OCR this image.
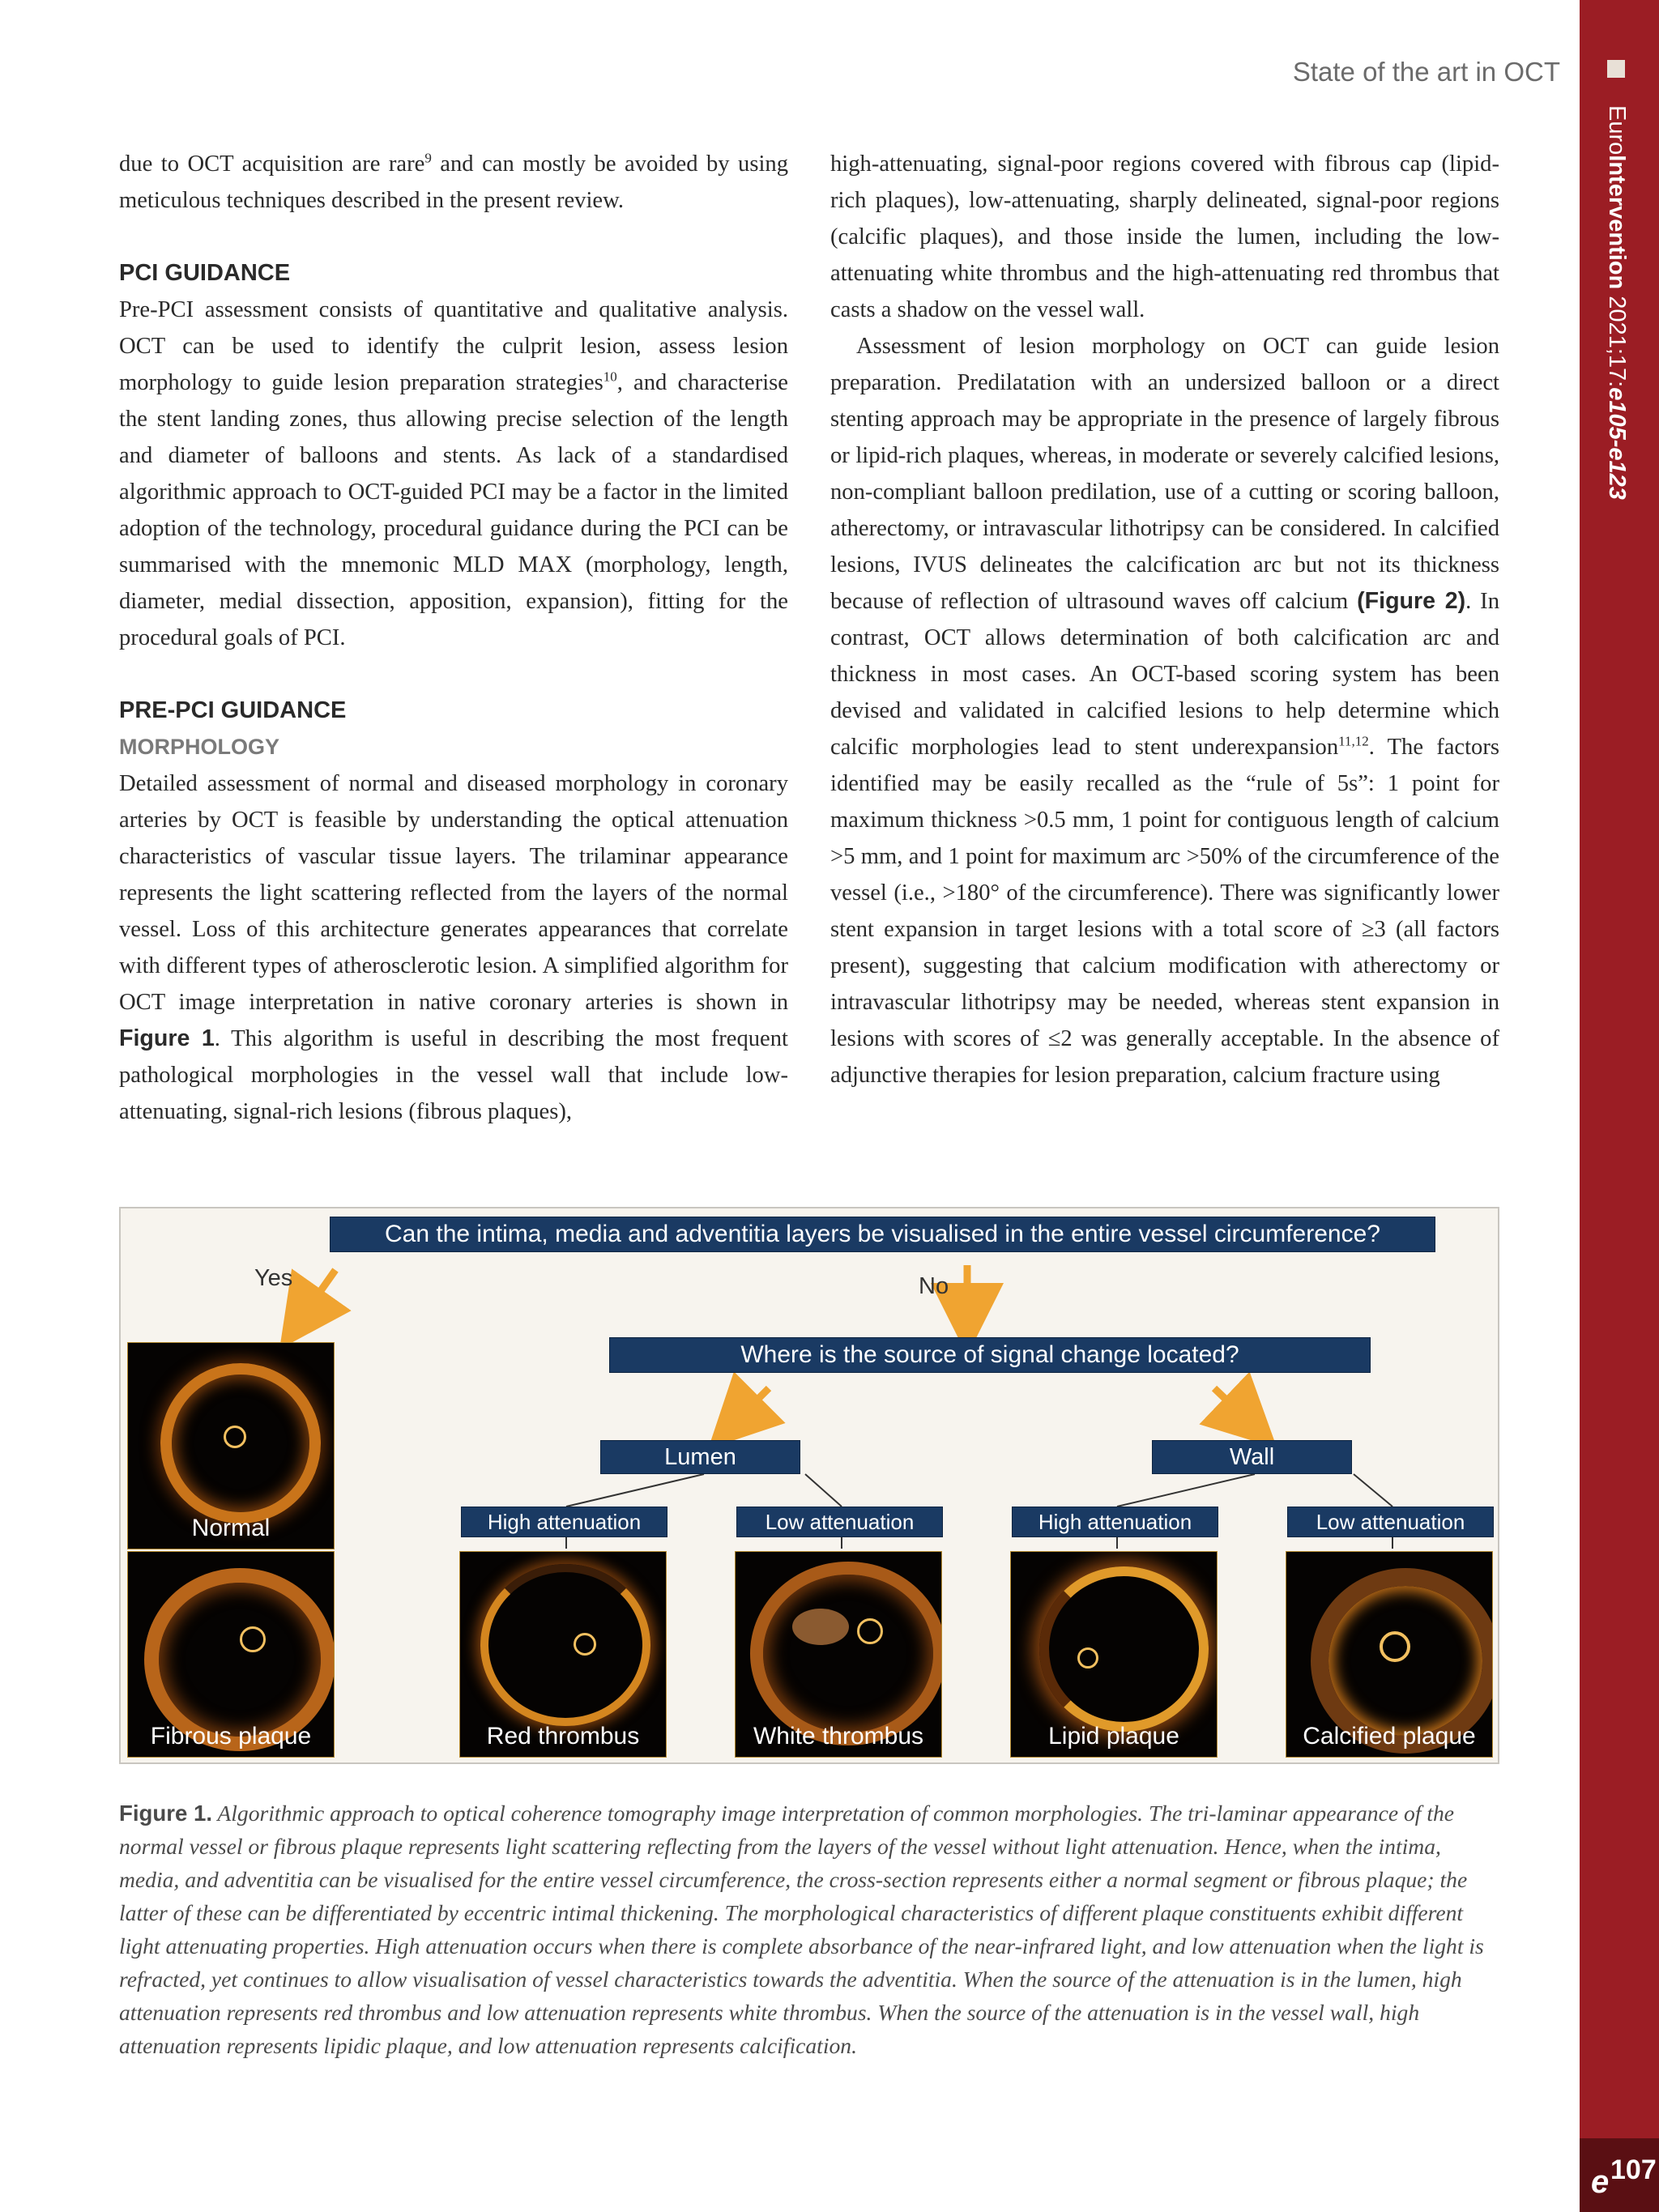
State of the art in OCT
EuroIntervention 2021;17:e105-e123
e 107

due to OCT acquisition are rare$^9$ and can mostly be avoided by using meticulous techniques described in the present review.

PCI GUIDANCE

Pre-PCI assessment consists of quantitative and qualitative analysis. OCT can be used to identify the culprit lesion, assess lesion morphology to guide lesion preparation strategies$^{10}$, and characterise the stent landing zones, thus allowing precise selection of the length and diameter of balloons and stents. As lack of a standardised algorithmic approach to OCT-guided PCI may be a factor in the limited adoption of the technology, procedural guidance during the PCI can be summarised with the mnemonic MLD MAX (morphology, length, diameter, medial dissection, apposition, expansion), fitting for the procedural goals of PCI.

PRE-PCI GUIDANCE
MORPHOLOGY

Detailed assessment of normal and diseased morphology in coronary arteries by OCT is feasible by understanding the optical attenuation characteristics of vascular tissue layers. The trilaminar appearance represents the light scattering reflected from the layers of the normal vessel. Loss of this architecture generates appearances that correlate with different types of atherosclerotic lesion. A simplified algorithm for OCT image interpretation in native coronary arteries is shown in Figure 1. This algorithm is useful in describing the most frequent pathological morphologies in the vessel wall that include low-attenuating, signal-rich lesions (fibrous plaques),

high-attenuating, signal-poor regions covered with fibrous cap (lipid-rich plaques), low-attenuating, sharply delineated, signal-poor regions (calcific plaques), and those inside the lumen, including the low-attenuating white thrombus and the high-attenuating red thrombus that casts a shadow on the vessel wall.

Assessment of lesion morphology on OCT can guide lesion preparation. Predilatation with an undersized balloon or a direct stenting approach may be appropriate in the presence of largely fibrous or lipid-rich plaques, whereas, in moderate or severely calcified lesions, non-compliant balloon predilation, use of a cutting or scoring balloon, atherectomy, or intravascular lithotripsy can be considered. In calcified lesions, IVUS delineates the calcification arc but not its thickness because of reflection of ultrasound waves off calcium (Figure 2). In contrast, OCT allows determination of both calcification arc and thickness in most cases. An OCT-based scoring system has been devised and validated in calcified lesions to help determine which calcific morphologies lead to stent underexpansion$^{11,12}$. The factors identified may be easily recalled as the “rule of 5s”: 1 point for maximum thickness >0.5 mm, 1 point for contiguous length of calcium >5 mm, and 1 point for maximum arc >50% of the circumference of the vessel (i.e., >180° of the circumference). There was significantly lower stent expansion in target lesions with a total score of ≥3 (all factors present), suggesting that calcium modification with atherectomy or intravascular lithotripsy may be needed, whereas stent expansion in lesions with scores of ≤2 was generally acceptable. In the absence of adjunctive therapies for lesion preparation, calcium fracture using

Can the intima, media and adventitia layers be visualised in the entire vessel circumference?
Yes	No
Where is the source of signal change located?
Lumen	Wall
High attenuation	Low attenuation	High attenuation	Low attenuation
Normal
Fibrous plaque	Red thrombus	White thrombus	Lipid plaque	Calcified plaque
Figure 1. Algorithmic approach to optical coherence tomography image interpretation of common morphologies. The tri-laminar appearance of the normal vessel or fibrous plaque represents light scattering reflecting from the layers of the vessel without light attenuation. Hence, when the intima, media, and adventitia can be visualised for the entire vessel circumference, the cross-section represents either a normal segment or fibrous plaque; the latter of these can be differentiated by eccentric intimal thickening. The morphological characteristics of different plaque constituents exhibit different light attenuating properties. High attenuation occurs when there is complete absorbance of the near-infrared light, and low attenuation when the light is refracted, yet continues to allow visualisation of vessel characteristics towards the adventitia. When the source of the attenuation is in the lumen, high attenuation represents red thrombus and low attenuation represents white thrombus. When the source of the attenuation is in the vessel wall, high attenuation represents lipidic plaque, and low attenuation represents calcification.
